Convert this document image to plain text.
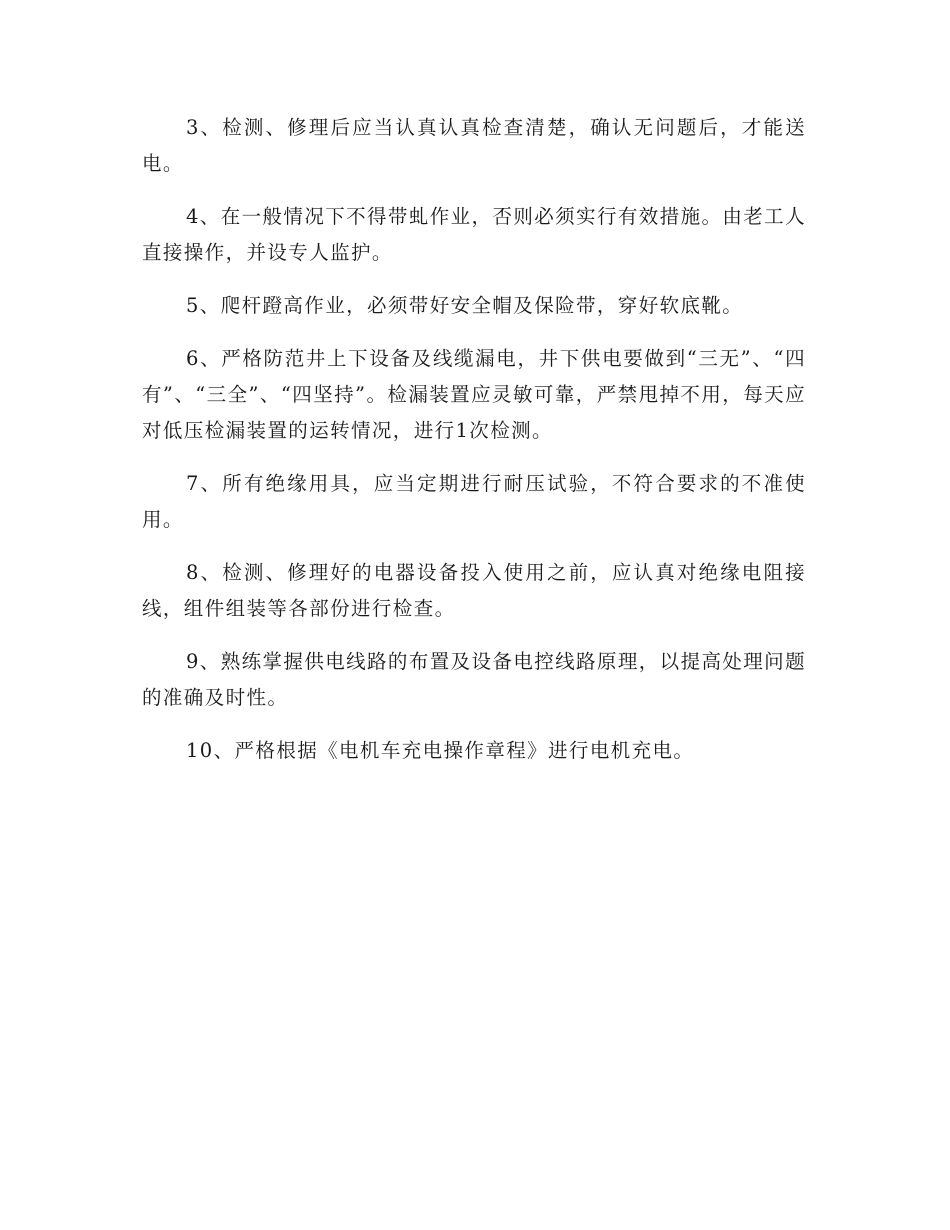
3、检测、修理后应当认真认真检查清楚，确认无问题后，才能送电。

4、在一般情况下不得带虬作业，否则必须实行有效措施。由老工人直接操作，并设专人监护。

5、爬杆蹬高作业，必须带好安全帽及保险带，穿好软底靴。

6、严格防范井上下设备及线缆漏电，井下供电要做到“三无”、“四有”、“三全”、“四坚持”。检漏装置应灵敏可靠，严禁甩掉不用，每天应对低压检漏装置的运转情况，进行1次检测。

7、所有绝缘用具，应当定期进行耐压试验，不符合要求的不准使用。

8、检测、修理好的电器设备投入使用之前，应认真对绝缘电阻接线，组件组装等各部份进行检查。

9、熟练掌握供电线路的布置及设备电控线路原理，以提高处理问题的准确及时性。

10、严格根据《电机车充电操作章程》进行电机充电。
